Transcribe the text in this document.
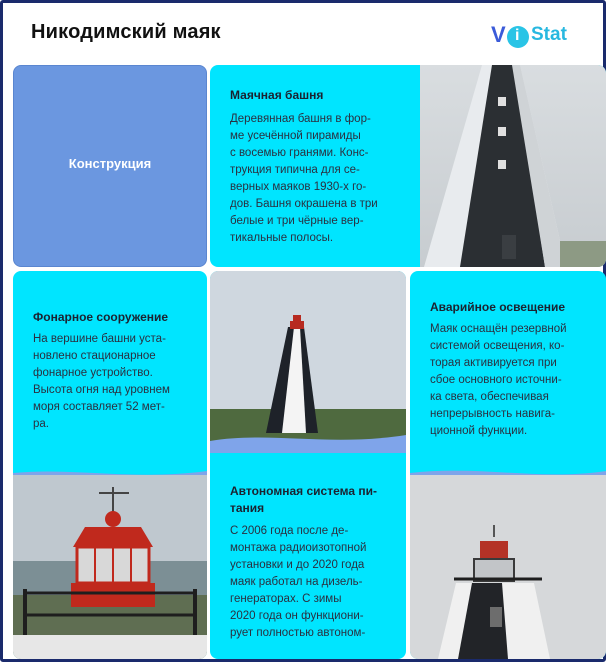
Никодимский маяк	V i Stat
Конструкция
Маячная башня
Деревянная башня в фор-
ме усечённой пирамиды
с восемью гранями. Конс-
трукция типична для се-
верных маяков 1930-х го-
дов. Башня окрашена в три
белые и три чёрные вер-
тикальные полосы.
Фонарное сооружение
На вершине башни уста-
новлено стационарное
фонарное устройство.
Высота огня над уровнем
моря составляет 52 мет-
ра.
Автономная система пи-
тания
С 2006 года после де-
монтажа радиоизотопной
установки и до 2020 года
маяк работал на дизель-
генераторах. С зимы
2020 года он функциони-
рует полностью автоном-
Аварийное освещение
Маяк оснащён резервной
системой освещения, ко-
торая активируется при
сбое основного источни-
ка света, обеспечивая
непрерывность навига-
ционной функции.
